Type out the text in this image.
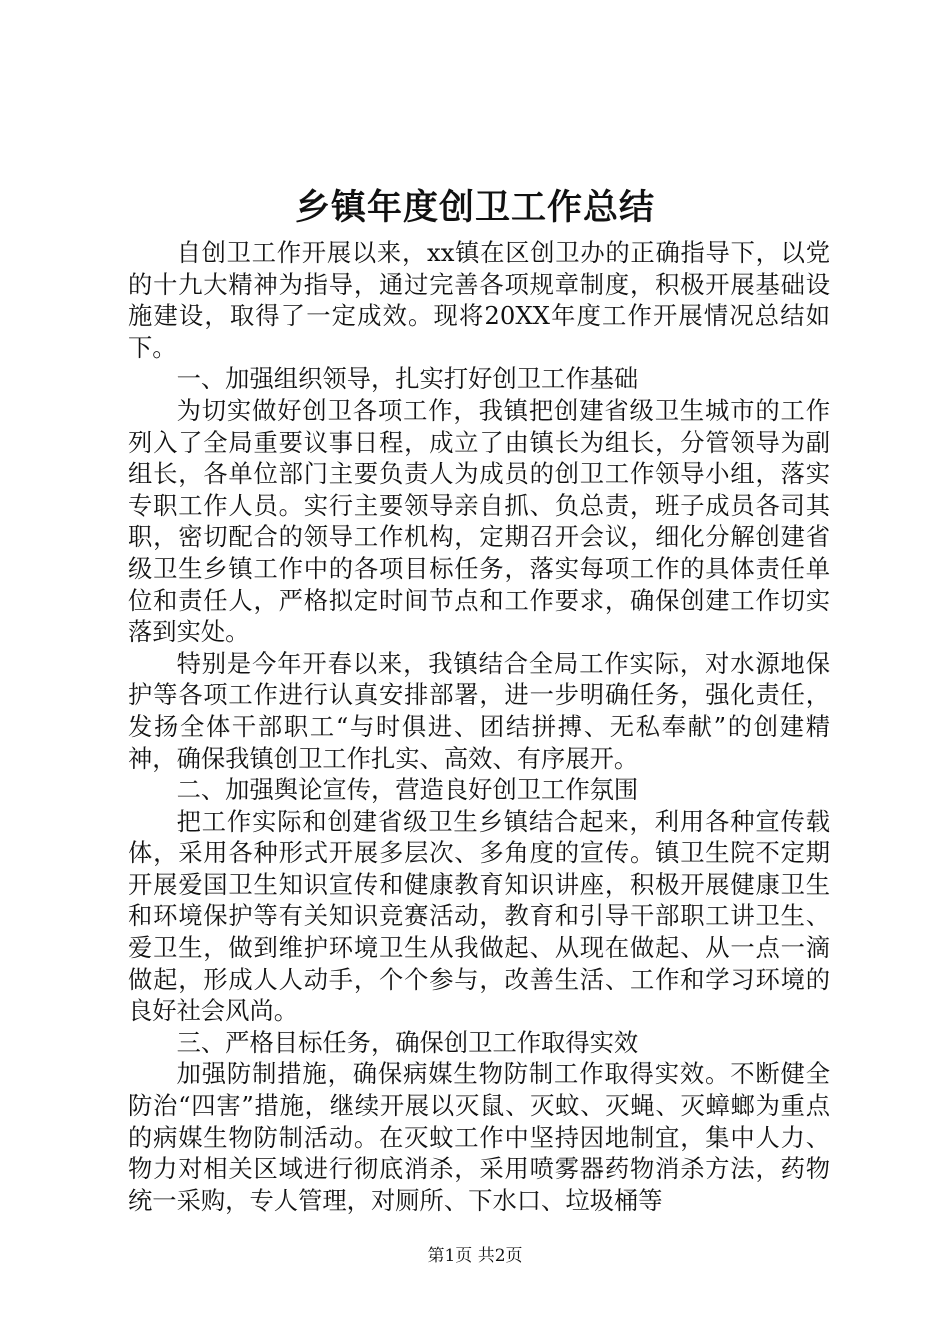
乡镇年度创卫工作总结

自创卫工作开展以来，xx镇在区创卫办的正确指导下，以党的十九大精神为指导，通过完善各项规章制度，积极开展基础设施建设，取得了一定成效。现将20XX年度工作开展情况总结如下。

一、加强组织领导，扎实打好创卫工作基础

为切实做好创卫各项工作，我镇把创建省级卫生城市的工作列入了全局重要议事日程，成立了由镇长为组长，分管领导为副组长，各单位部门主要负责人为成员的创卫工作领导小组，落实专职工作人员。实行主要领导亲自抓、负总责，班子成员各司其职，密切配合的领导工作机构，定期召开会议，细化分解创建省级卫生乡镇工作中的各项目标任务，落实每项工作的具体责任单位和责任人，严格拟定时间节点和工作要求，确保创建工作切实落到实处。

特别是今年开春以来，我镇结合全局工作实际，对水源地保护等各项工作进行认真安排部署，进一步明确任务，强化责任，发扬全体干部职工“与时俱进、团结拼搏、无私奉献”的创建精神，确保我镇创卫工作扎实、高效、有序展开。

二、加强舆论宣传，营造良好创卫工作氛围

把工作实际和创建省级卫生乡镇结合起来，利用各种宣传载体，采用各种形式开展多层次、多角度的宣传。镇卫生院不定期开展爱国卫生知识宣传和健康教育知识讲座，积极开展健康卫生和环境保护等有关知识竞赛活动，教育和引导干部职工讲卫生、爱卫生，做到维护环境卫生从我做起、从现在做起、从一点一滴做起，形成人人动手，个个参与，改善生活、工作和学习环境的良好社会风尚。

三、严格目标任务，确保创卫工作取得实效

加强防制措施，确保病媒生物防制工作取得实效。不断健全防治“四害”措施，继续开展以灭鼠、灭蚊、灭蝇、灭蟑螂为重点的病媒生物防制活动。在灭蚊工作中坚持因地制宜，集中人力、物力对相关区域进行彻底消杀，采用喷雾器药物消杀方法，药物统一采购，专人管理，对厕所、下水口、垃圾桶等

第1页 共2页
